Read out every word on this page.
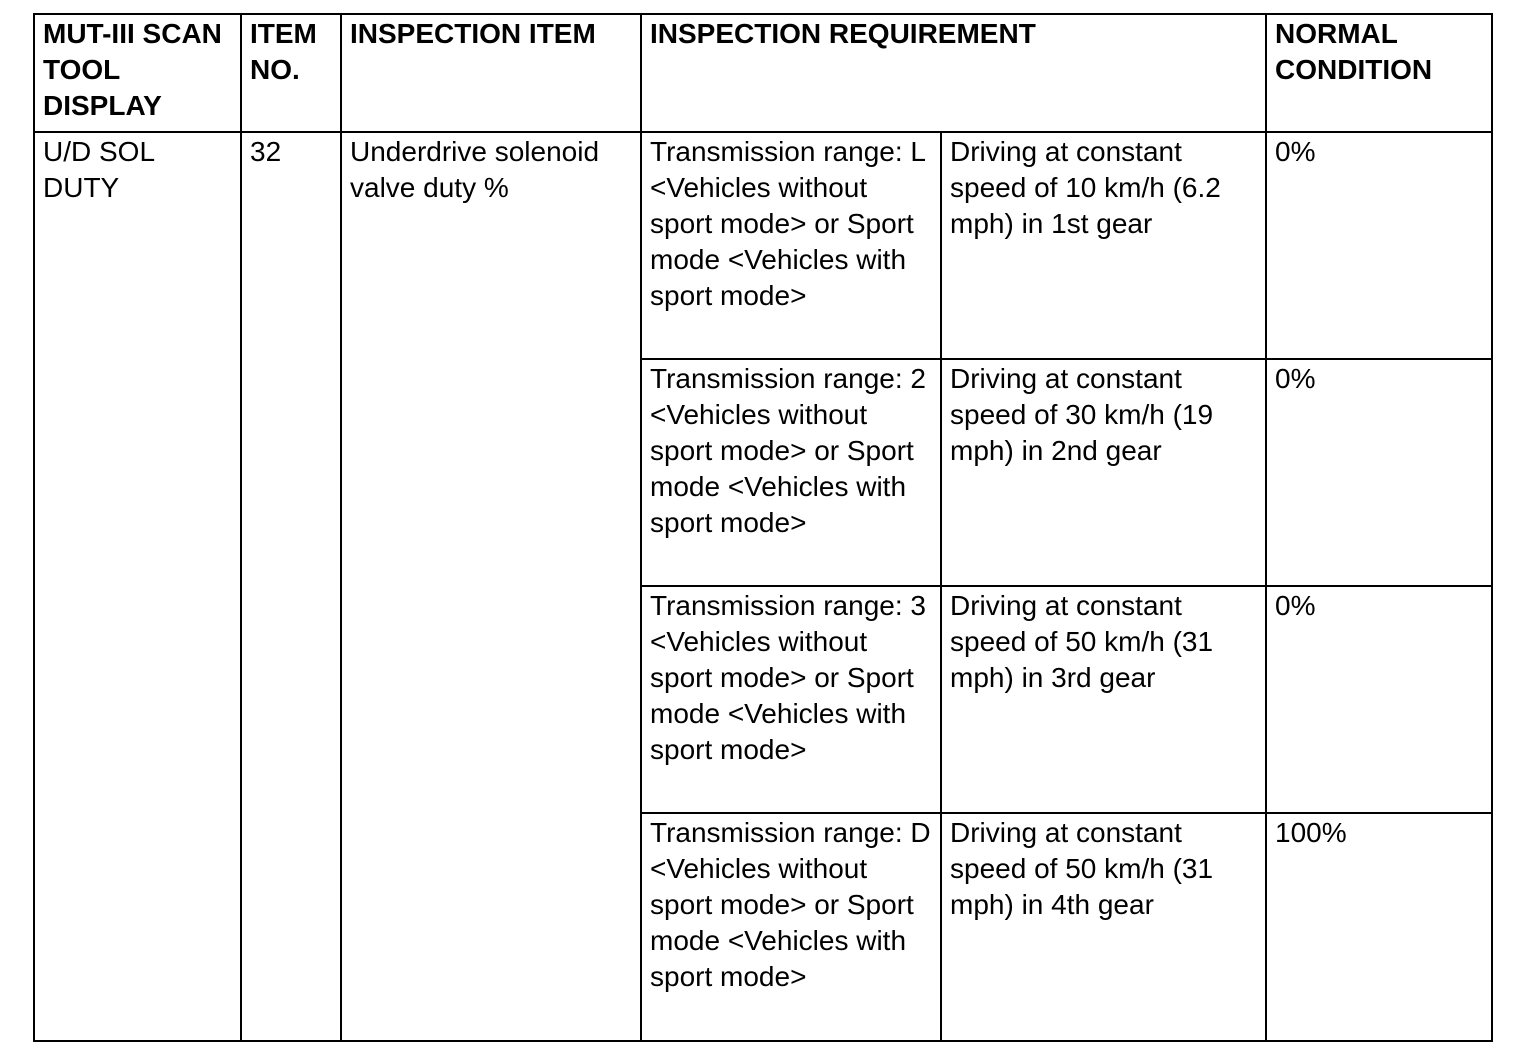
MUT-III SCAN TOOL DISPLAY	ITEM NO.	INSPECTION ITEM	INSPECTION REQUIREMENT		NORMAL CONDITION

U/D SOL DUTY	32	Underdrive solenoid valve duty %	Transmission range: L <Vehicles without sport mode> or Sport mode <Vehicles with sport mode>	Driving at constant speed of 10 km/h (6.2 mph) in 1st gear	0%

			Transmission range: 2 <Vehicles without sport mode> or Sport mode <Vehicles with sport mode>	Driving at constant speed of 30 km/h (19 mph) in 2nd gear	0%

			Transmission range: 3 <Vehicles without sport mode> or Sport mode <Vehicles with sport mode>	Driving at constant speed of 50 km/h (31 mph) in 3rd gear	0%

			Transmission range: D <Vehicles without sport mode> or Sport mode <Vehicles with sport mode>	Driving at constant speed of 50 km/h (31 mph) in 4th gear	100%
